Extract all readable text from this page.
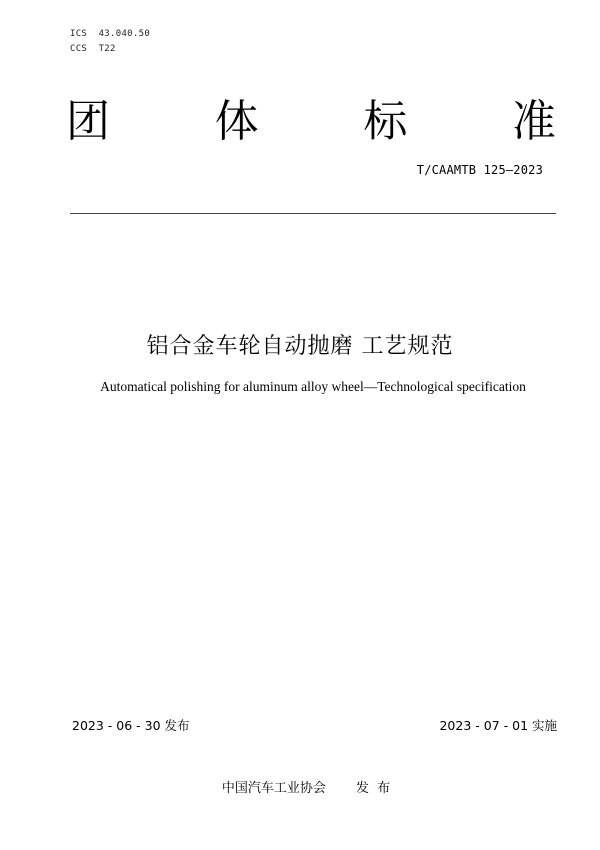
ICS  43.040.50
CCS  T22
团 体 标 准
T/CAAMTB 125—2023
铝合金车轮自动抛磨 工艺规范
Automatical polishing for aluminum alloy wheel—Technological specification
2023 - 06 - 30 发布	2023 - 07 - 01 实施
中国汽车工业协会 发  布
